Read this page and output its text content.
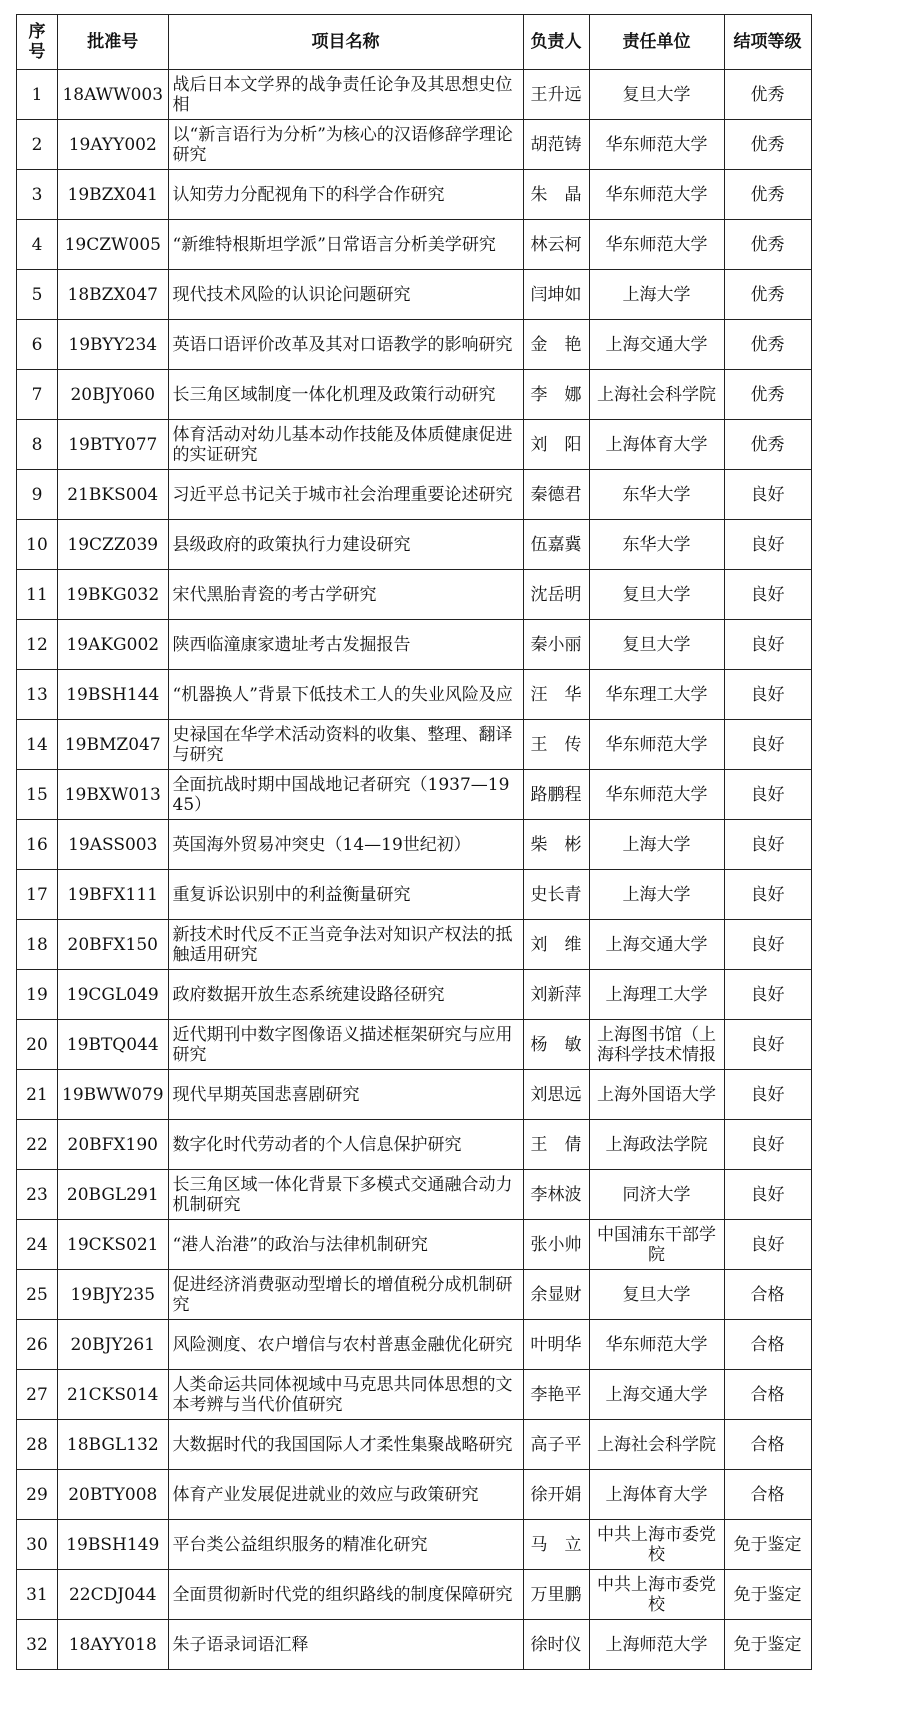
序号	批准号	项目名称	负责人	责任单位	结项等级
1	18AWW003	战后日本文学界的战争责任论争及其思想史位相	王升远	复旦大学	优秀
2	19AYY002	以“新言语行为分析”为核心的汉语修辞学理论研究	胡范铸	华东师范大学	优秀
3	19BZX041	认知劳力分配视角下的科学合作研究	朱　晶	华东师范大学	优秀
4	19CZW005	“新维特根斯坦学派”日常语言分析美学研究	林云柯	华东师范大学	优秀
5	18BZX047	现代技术风险的认识论问题研究	闫坤如	上海大学	优秀
6	19BYY234	英语口语评价改革及其对口语教学的影响研究	金　艳	上海交通大学	优秀
7	20BJY060	长三角区域制度一体化机理及政策行动研究	李　娜	上海社会科学院	优秀
8	19BTY077	体育活动对幼儿基本动作技能及体质健康促进的实证研究	刘　阳	上海体育大学	优秀
9	21BKS004	习近平总书记关于城市社会治理重要论述研究	秦德君	东华大学	良好
10	19CZZ039	县级政府的政策执行力建设研究	伍嘉冀	东华大学	良好
11	19BKG032	宋代黑胎青瓷的考古学研究	沈岳明	复旦大学	良好
12	19AKG002	陕西临潼康家遗址考古发掘报告	秦小丽	复旦大学	良好
13	19BSH144	“机器换人”背景下低技术工人的失业风险及应	汪　华	华东理工大学	良好
14	19BMZ047	史禄国在华学术活动资料的收集、整理、翻译与研究	王　传	华东师范大学	良好
15	19BXW013	全面抗战时期中国战地记者研究（1937—1945）	路鹏程	华东师范大学	良好
16	19ASS003	英国海外贸易冲突史（14—19世纪初）	柴　彬	上海大学	良好
17	19BFX111	重复诉讼识别中的利益衡量研究	史长青	上海大学	良好
18	20BFX150	新技术时代反不正当竞争法对知识产权法的抵触适用研究	刘　维	上海交通大学	良好
19	19CGL049	政府数据开放生态系统建设路径研究	刘新萍	上海理工大学	良好
20	19BTQ044	近代期刊中数字图像语义描述框架研究与应用研究	杨　敏	上海图书馆（上海科学技术情报	良好
21	19BWW079	现代早期英国悲喜剧研究	刘思远	上海外国语大学	良好
22	20BFX190	数字化时代劳动者的个人信息保护研究	王　倩	上海政法学院	良好
23	20BGL291	长三角区域一体化背景下多模式交通融合动力机制研究	李林波	同济大学	良好
24	19CKS021	“港人治港”的政治与法律机制研究	张小帅	中国浦东干部学院	良好
25	19BJY235	促进经济消费驱动型增长的增值税分成机制研究	余显财	复旦大学	合格
26	20BJY261	风险测度、农户增信与农村普惠金融优化研究	叶明华	华东师范大学	合格
27	21CKS014	人类命运共同体视域中马克思共同体思想的文本考辨与当代价值研究	李艳平	上海交通大学	合格
28	18BGL132	大数据时代的我国国际人才柔性集聚战略研究	高子平	上海社会科学院	合格
29	20BTY008	体育产业发展促进就业的效应与政策研究	徐开娟	上海体育大学	合格
30	19BSH149	平台类公益组织服务的精准化研究	马　立	中共上海市委党校	免于鉴定
31	22CDJ044	全面贯彻新时代党的组织路线的制度保障研究	万里鹏	中共上海市委党校	免于鉴定
32	18AYY018	朱子语录词语汇释	徐时仪	上海师范大学	免于鉴定
